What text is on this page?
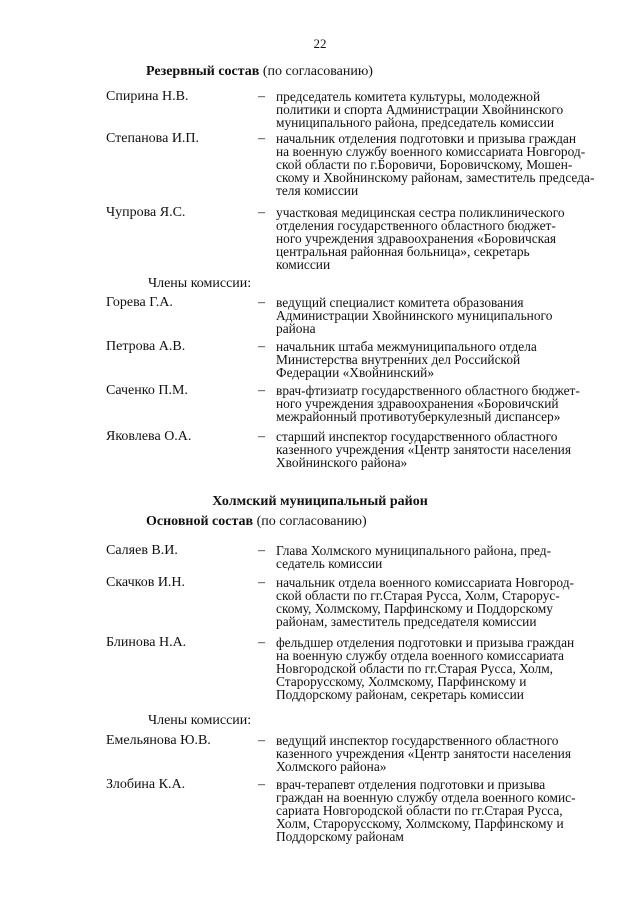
22
Резервный состав (по согласованию)
Спирина Н.В.	– председатель комитета культуры, молодежной
политики и спорта Администрации Хвойнинского
муниципального района, председатель комиссии
Степанова И.П.	– начальник отделения подготовки и призыва граждан
на военную службу военного комиссариата Новгород-
ской области по г.Боровичи, Боровичскому, Мошен-
скому и Хвойнинскому районам, заместитель председа-
теля комиссии
Чупрова Я.С.	– участковая медицинская сестра поликлинического
отделения государственного областного бюджет-
ного учреждения здравоохранения «Боровичская
центральная районная больница», секретарь
комиссии
Члены комиссии:
Горева Г.А.	– ведущий специалист комитета образования
Администрации Хвойнинского муниципального
района
Петрова А.В.	– начальник штаба межмуниципального отдела
Министерства внутренних дел Российской
Федерации «Хвойнинский»
Саченко П.М.	– врач-фтизиатр государственного областного бюджет-
ного учреждения здравоохранения «Боровичский
межрайонный противотуберкулезный диспансер»
Яковлева О.А.	– старший инспектор государственного областного
казенного учреждения «Центр занятости населения
Хвойнинского района»
Холмский муниципальный район
Основной состав (по согласованию)
Саляев В.И.	– Глава Холмского муниципального района, пред-
седатель комиссии
Скачков И.Н.	– начальник отдела военного комиссариата Новгород-
ской области по гг.Старая Русса, Холм, Старорус-
скому, Холмскому, Парфинскому и Поддорскому
районам, заместитель председателя комиссии
Блинова Н.А.	– фельдшер отделения подготовки и призыва граждан
на военную службу отдела военного комиссариата
Новгородской области по гг.Старая Русса, Холм,
Старорусскому, Холмскому, Парфинскому и
Поддорскому районам, секретарь комиссии
Члены комиссии:
Емельянова Ю.В.	– ведущий инспектор государственного областного
казенного учреждения «Центр занятости населения
Холмского района»
Злобина К.А.	– врач-терапевт отделения подготовки и призыва
граждан на военную службу отдела военного комис-
сариата Новгородской области по гг.Старая Русса,
Холм, Старорусскому, Холмскому, Парфинскому и
Поддорскому районам
